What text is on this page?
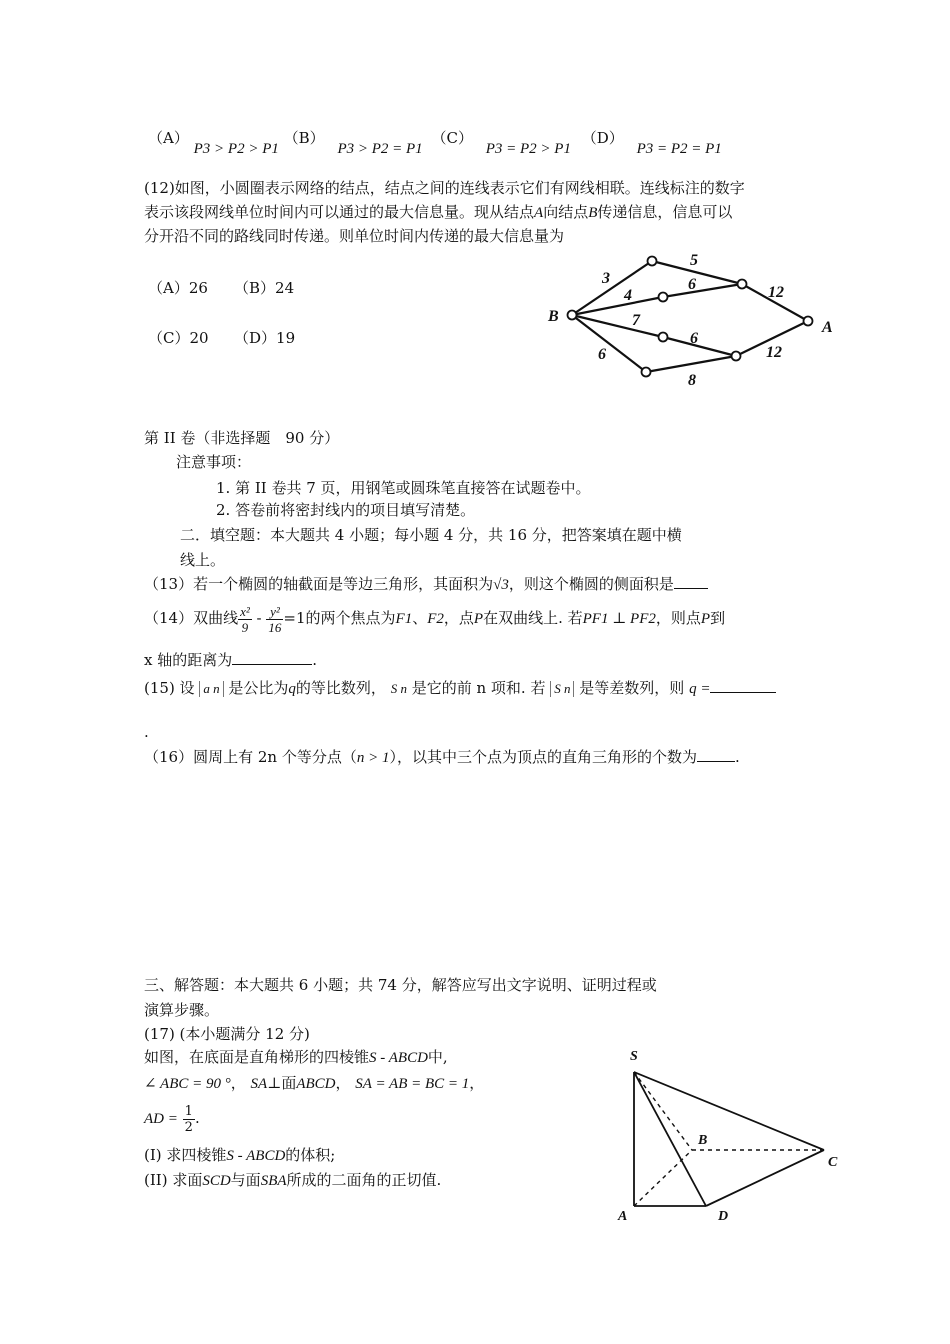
（A） P3 > P2 > P1 （B） P3 > P2 = P1 （C） P3 = P2 > P1 （D） P3 = P2 = P1
(12)如图，小圆圈表示网络的结点，结点之间的连线表示它们有网线相联。连线标注的数字
表示该段网线单位时间内可以通过的最大信息量。现从结点A向结点B传递信息，信息可以
分开沿不同的路线同时传递。则单位时间内传递的最大信息量为
（A）26 （B）24
（C）20 （D）19
B
A
3
5
12
4
6
7
6
12
6
8
第 II 卷（非选择题　90 分）
注意事项：
1. 第 II 卷共 7 页，用钢笔或圆珠笔直接答在试题卷中。
2. 答卷前将密封线内的项目填写清楚。
二．填空题：本大题共 4 小题；每小题 4 分，共 16 分，把答案填在题中横
线上。
（13）若一个椭圆的轴截面是等边三角形，其面积为√3，则这个椭圆的侧面积是
（14）双曲线 $\frac{\text{x²}}{9} - \frac{\text{y²}}{16} =1$的两个焦点为F1、F2，点P在双曲线上. 若PF1 ⊥ PF2，则点P到
x 轴的距离为	.
(15) 设 a n 是公比为q的等比数列， S n 是它的前 n 项和. 若 S n 是等差数列，则 q =
.
（16）圆周上有 2n 个等分点（n > 1），以其中三个点为顶点的直角三角形的个数为	.
三、解答题：本大题共 6 小题；共 74 分，解答应写出文字说明、证明过程或
演算步骤。
(17) (本小题满分 12 分)
如图，在底面是直角梯形的四棱锥S - ABCD中,
∠ ABC = 90 °， SA⊥面ABCD， SA = AB = BC = 1，
AD = $\frac{1}{2}$ .
(I) 求四棱锥S - ABCD的体积;
(II) 求面SCD与面SBA所成的二面角的正切值.
S
A
B
C
D
